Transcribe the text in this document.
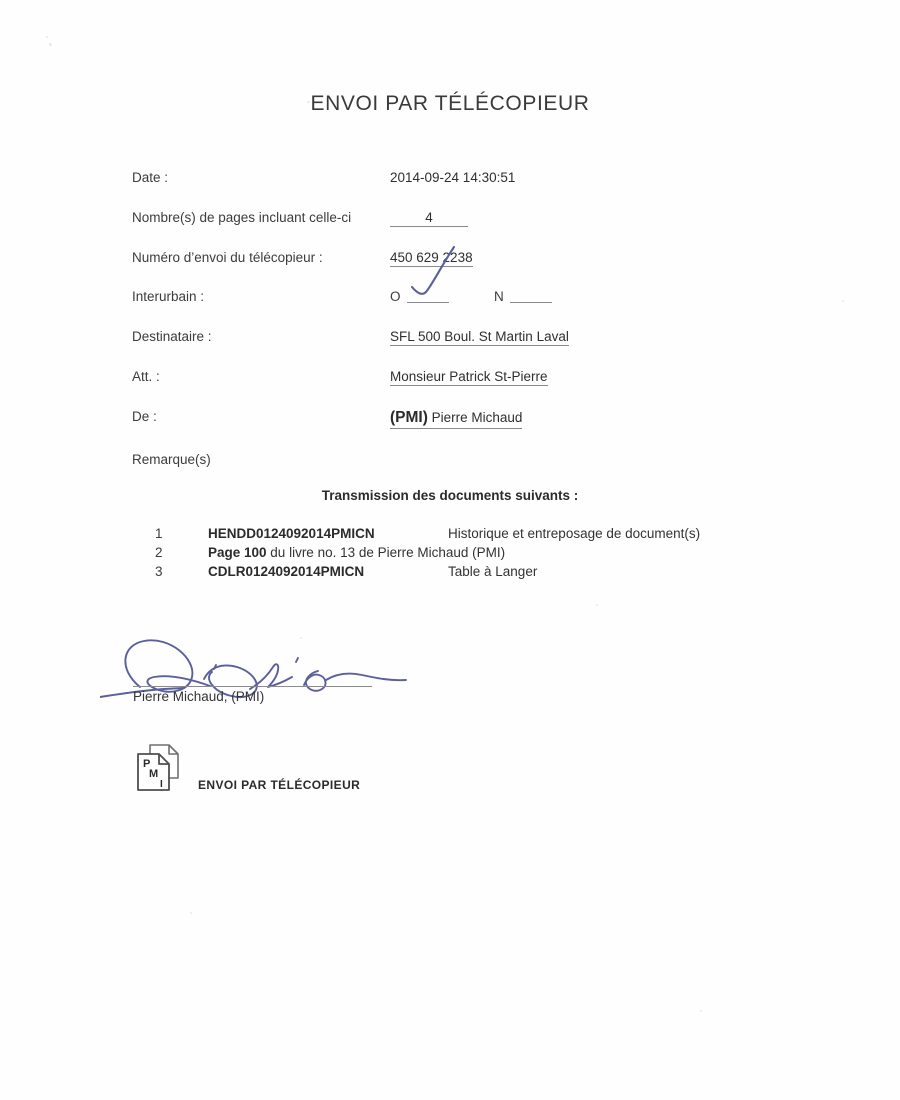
ENVOI PAR TÉLÉCOPIEUR
Date :	2014-09-24 14:30:51
Nombre(s) de pages incluant celle-ci	4
Numéro d’envoi du télécopieur :	450 629 2238
Interurbain :	O	N
Destinataire :	SFL 500 Boul. St Martin Laval
Att. :	Monsieur Patrick St-Pierre
De :	(PMI) Pierre Michaud
Remarque(s)
Transmission des documents suivants :
1	HENDD0124092014PMICN	Historique et entreposage de document(s)
2	Page 100 du livre no. 13 de Pierre Michaud (PMI)
3	CDLR0124092014PMICN	Table à Langer
Pierre Michaud, (PMI)
P
M
I	ENVOI PAR TÉLÉCOPIEUR
